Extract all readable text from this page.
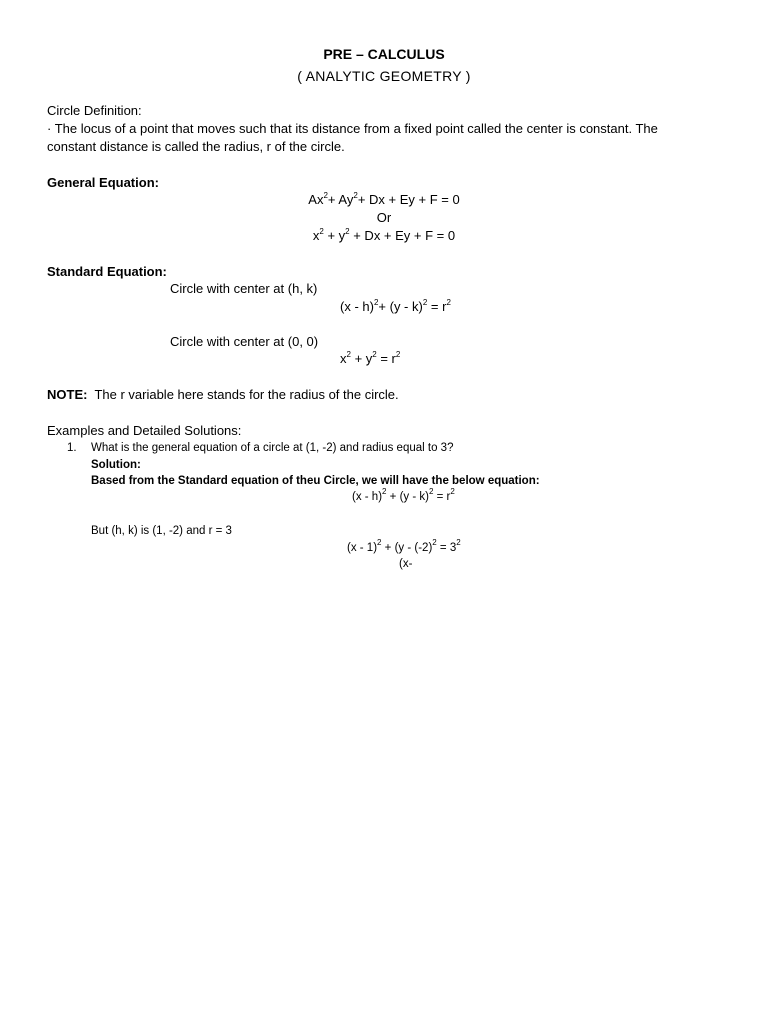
PRE – CALCULUS
( ANALYTIC GEOMETRY )
Circle Definition:
· The locus of a point that moves such that its distance from a fixed point called the center is constant. The
constant distance is called the radius, r of the circle.
General Equation:
$Ax^2+ Ay^2+ Dx + Ey + F = 0$
Or
$x^2 + y^2 + Dx + Ey + F = 0$
Standard Equation:
Circle with center at (h, k)
$(x - h)^2+ (y - k)^2 = r^2$
Circle with center at (0, 0)
$x^2 + y^2 = r^2$
NOTE:  The r variable here stands for the radius of the circle.
Examples and Detailed Solutions:
1. What is the general equation of a circle at (1, -2) and radius equal to 3?
Solution:
Based from the Standard equation of theu Circle, we will have the below equation:
$(x - h)^2 + (y - k)^2 = r^2$
But (h, k) is (1, -2) and r = 3
$(x - 1)^2 + (y - (-2)^2 = 3^2$
(x-
